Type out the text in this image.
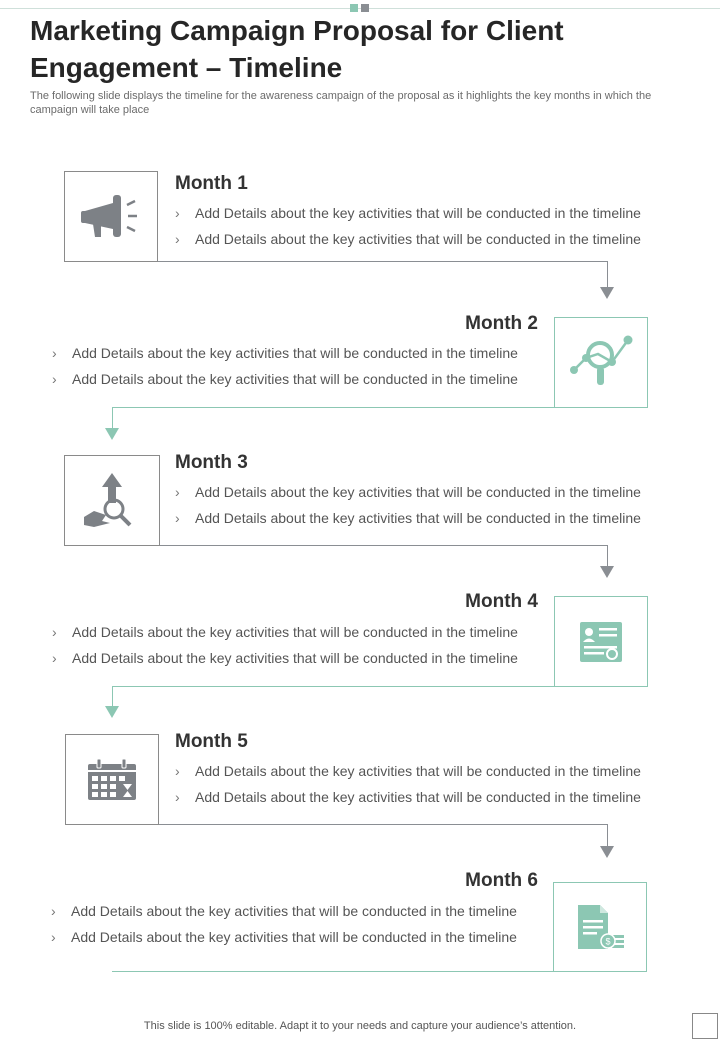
Marketing Campaign Proposal for Client Engagement – Timeline
The following slide displays the timeline for the awareness campaign of the proposal as it highlights the key months in which the campaign will take place
Month 1
› Add Details about the key activities that will be conducted in the timeline
› Add Details about the key activities that will be conducted in the timeline
Month 2
› Add Details about the key activities that will be conducted in the timeline
› Add Details about the key activities that will be conducted in the timeline
Month 3
› Add Details about the key activities that will be conducted in the timeline
› Add Details about the key activities that will be conducted in the timeline
Month 4
› Add Details about the key activities that will be conducted in the timeline
› Add Details about the key activities that will be conducted in the timeline
Month 5
› Add Details about the key activities that will be conducted in the timeline
› Add Details about the key activities that will be conducted in the timeline
$
Month 6
› Add Details about the key activities that will be conducted in the timeline
› Add Details about the key activities that will be conducted in the timeline
This slide is 100% editable. Adapt it to your needs and capture your audience’s attention.
